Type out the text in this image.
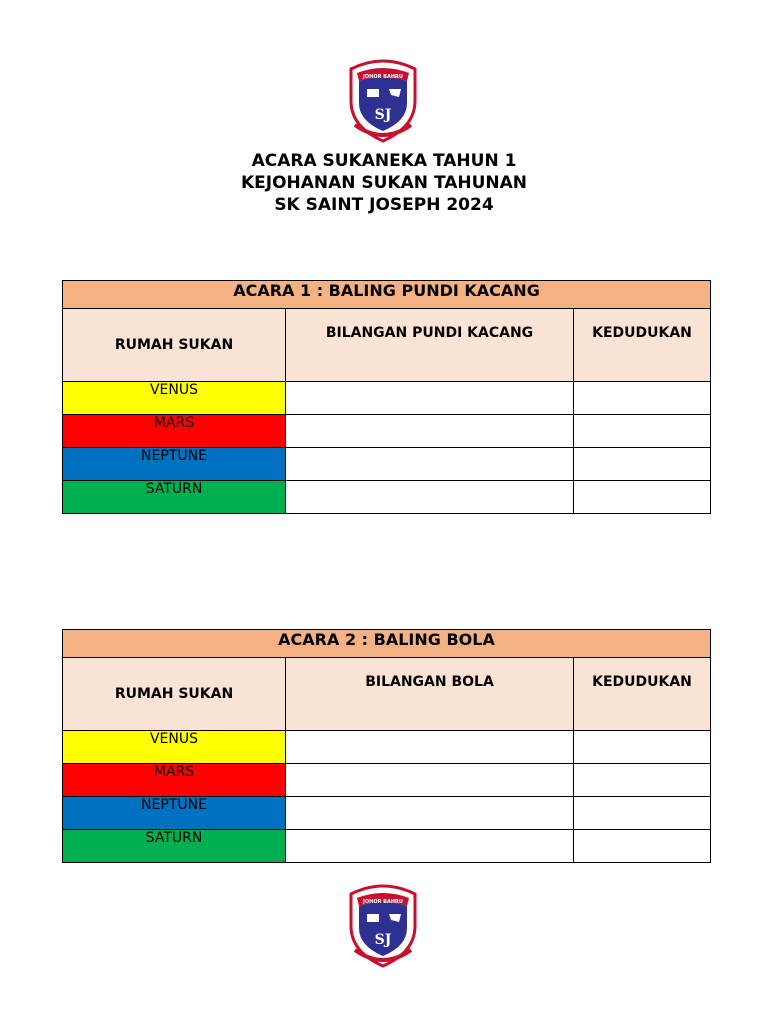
JOHOR BAHRU
SJ
ACARA SUKANEKA TAHUN 1
KEJOHANAN SUKAN TAHUNAN
SK SAINT JOSEPH 2024
ACARA 1 : BALING PUNDI KACANG		
RUMAH SUKAN	BILANGAN PUNDI KACANG	KEDUDUKAN
VENUS		
MARS		
NEPTUNE		
SATURN		
ACARA 2 : BALING BOLA		
RUMAH SUKAN	BILANGAN BOLA	KEDUDUKAN
VENUS		
MARS		
NEPTUNE		
SATURN		
JOHOR BAHRU
SJ
